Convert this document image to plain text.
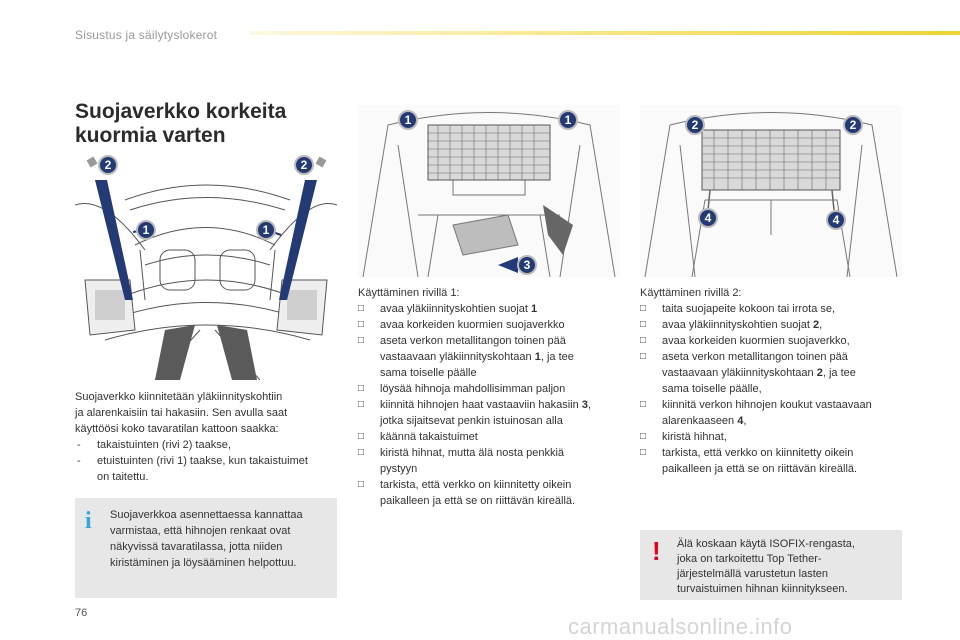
Sisustus ja säilytyslokerot
Suojaverkko korkeita
kuormia varten
2	2
1	1
1	1
3
2	2
4	4
Suojaverkko kiinnitetään yläkiinnityskohtiin
ja alarenkaisiin tai hakasiin. Sen avulla saat
käyttöösi koko tavaratilan kattoon saakka:
- takaistuinten (rivi 2) taakse,
- etuistuinten (rivi 1) taakse, kun takaistuimet
on taitettu.
i Suojaverkkoa asennettaessa kannattaa
varmistaa, että hihnojen renkaat ovat
näkyvissä tavaratilassa, jotta niiden
kiristäminen ja löysääminen helpottuu.
Käyttäminen rivillä 1:
□ avaa yläkiinnityskohtien suojat 1
□ avaa korkeiden kuormien suojaverkko
□ aseta verkon metallitangon toinen pää
vastaavaan yläkiinnityskohtaan 1, ja tee
sama toiselle päälle
□ löysää hihnoja mahdollisimman paljon
□ kiinnitä hihnojen haat vastaaviin hakasiin 3,
jotka sijaitsevat penkin istuinosan alla
□ käännä takaistuimet
□ kiristä hihnat, mutta älä nosta penkkiä
pystyyn
□ tarkista, että verkko on kiinnitetty oikein
paikalleen ja että se on riittävän kireällä.
Käyttäminen rivillä 2:
□ taita suojapeite kokoon tai irrota se,
□ avaa yläkiinnityskohtien suojat 2,
□ avaa korkeiden kuormien suojaverkko,
□ aseta verkon metallitangon toinen pää
vastaavaan yläkiinnityskohtaan 2, ja tee
sama toiselle päälle,
□ kiinnitä verkon hihnojen koukut vastaavaan
alarenkaaseen 4,
□ kiristä hihnat,
□ tarkista, että verkko on kiinnitetty oikein
paikalleen ja että se on riittävän kireällä.
! Älä koskaan käytä ISOFIX-rengasta,
joka on tarkoitettu Top Tether-
järjestelmällä varustetun lasten
turvaistuimen hihnan kiinnitykseen.
76
carmanualsonline.info
